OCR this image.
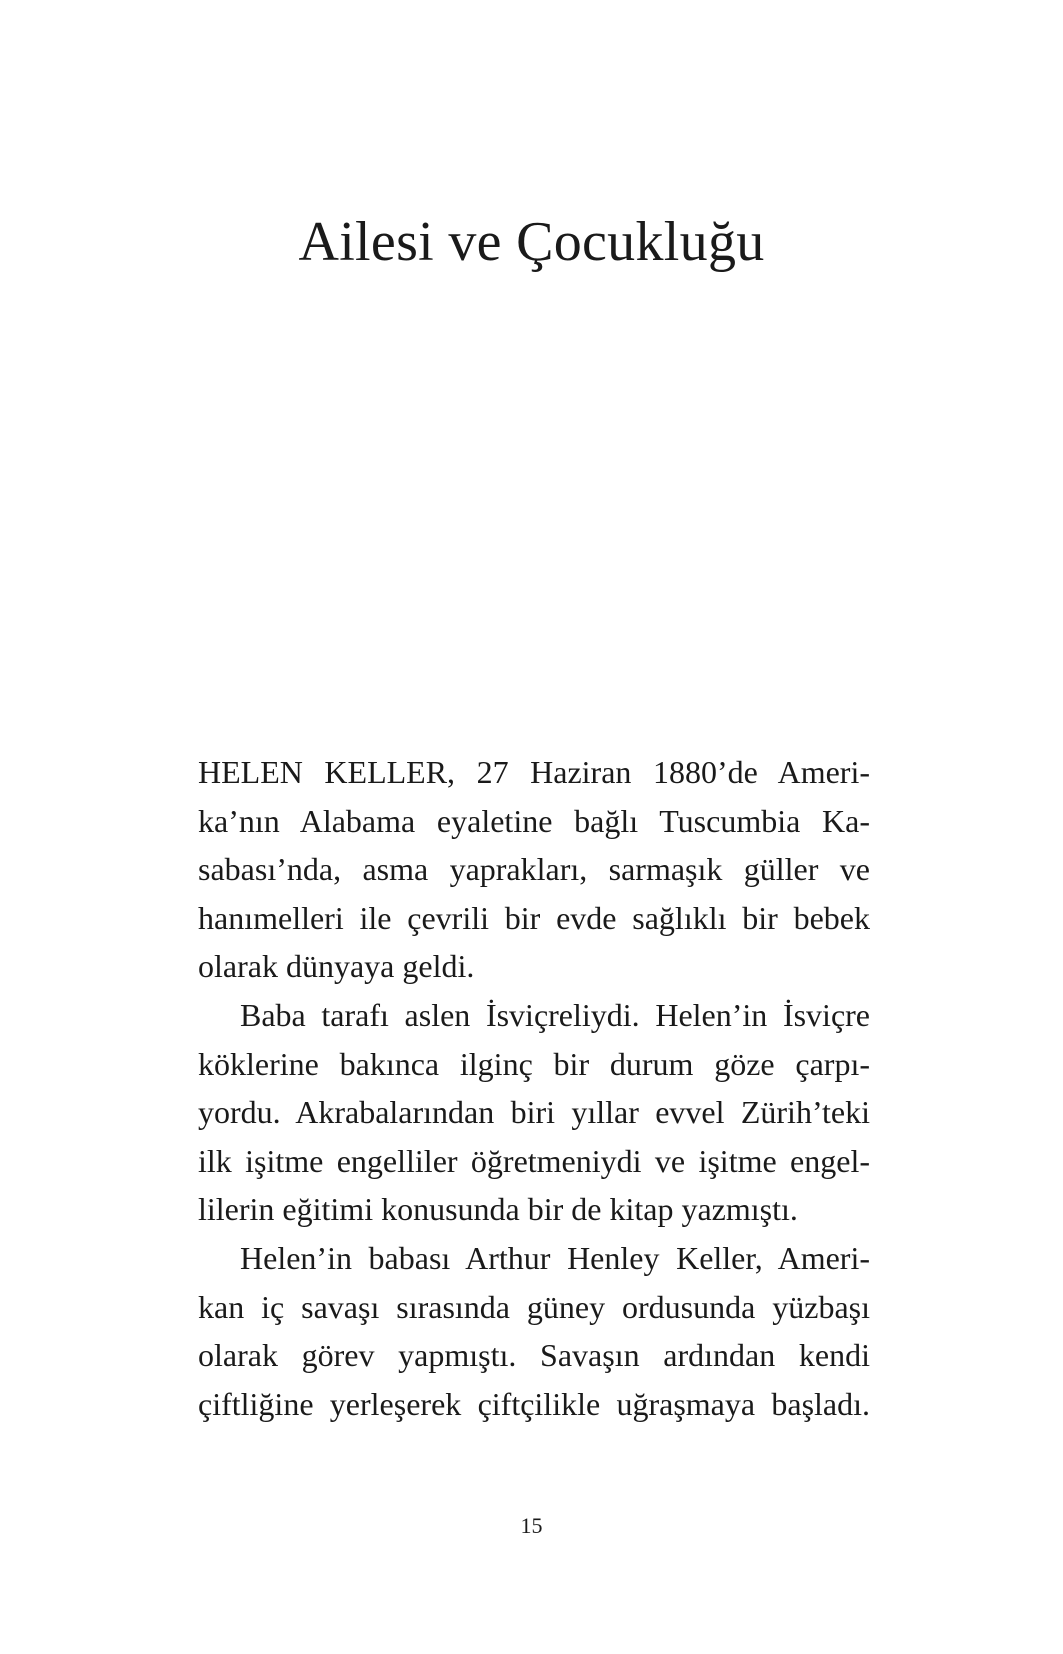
Ailesi ve Çocukluğu
HELEN KELLER, 27 Haziran 1880’de Ameri-
ka’nın Alabama eyaletine bağlı Tuscumbia Ka-
sabası’nda, asma yaprakları, sarmaşık güller ve
hanımelleri ile çevrili bir evde sağlıklı bir bebek
olarak dünyaya geldi.
Baba tarafı aslen İsviçreliydi. Helen’in İsviçre
köklerine bakınca ilginç bir durum göze çarpı-
yordu. Akrabalarından biri yıllar evvel Zürih’teki
ilk işitme engelliler öğretmeniydi ve işitme engel-
lilerin eğitimi konusunda bir de kitap yazmıştı.
Helen’in babası Arthur Henley Keller, Ameri-
kan iç savaşı sırasında güney ordusunda yüzbaşı
olarak görev yapmıştı. Savaşın ardından kendi
çiftliğine yerleşerek çiftçilikle uğraşmaya başladı.
15
